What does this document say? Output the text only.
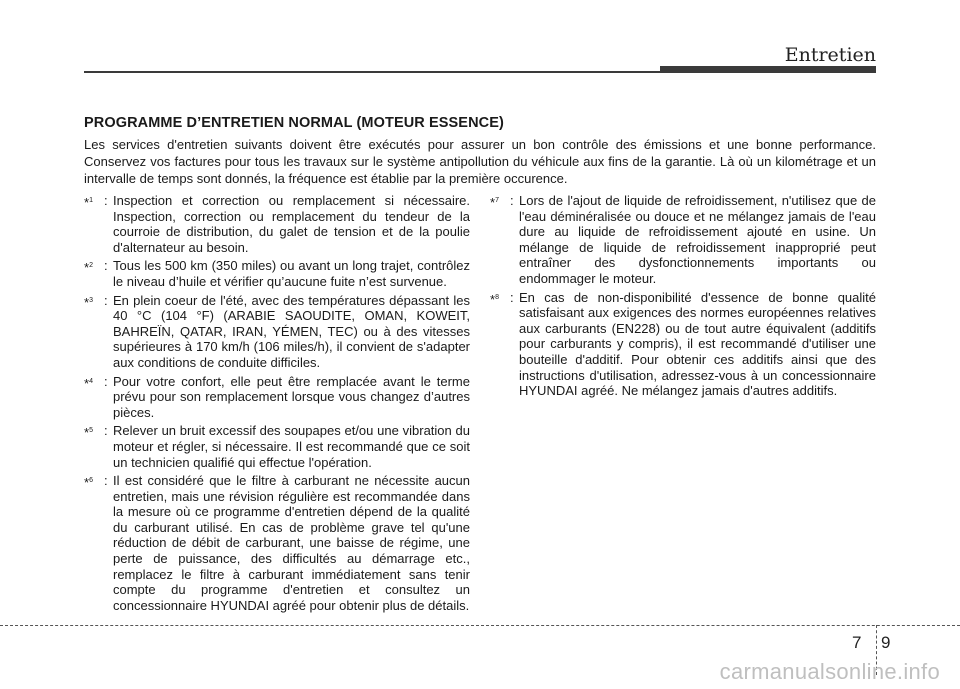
Entretien
PROGRAMME D’ENTRETIEN NORMAL (MOTEUR ESSENCE)
Les services d'entretien suivants doivent être exécutés pour assurer un bon contrôle des émissions et une bonne performance. Conservez vos factures pour tous les travaux sur le système antipollution du véhicule aux fins de la garantie. Là où un kilométrage et un intervalle de temps sont donnés, la fréquence est établie par la première occurence.
*$^1$ : Inspection et correction ou remplacement si nécessaire. Inspection, correction ou remplacement du tendeur de la courroie de distribution, du galet de tension et de la poulie d'alternateur au besoin.
*$^2$ : Tous les 500 km (350 miles) ou avant un long trajet, contrôlez le niveau d’huile et vérifier qu’aucune fuite n’est survenue.
*$^3$ : En plein coeur de l'été, avec des températures dépassant les 40 °C (104 °F) (ARABIE SAOUDITE, OMAN, KOWEIT, BAHREÏN, QATAR, IRAN, YÉMEN, TEC) ou à des vitesses supérieures à 170 km/h (106 miles/h), il convient de s'adapter aux conditions de conduite difficiles.
*$^4$ : Pour votre confort, elle peut être remplacée avant le terme prévu pour son remplacement lorsque vous changez d’autres pièces.
*$^5$ : Relever un bruit excessif des soupapes et/ou une vibration du moteur et régler, si nécessaire. Il est recommandé que ce soit un technicien qualifié qui effectue l'opération.
*$^6$ : Il est considéré que le filtre à carburant ne nécessite aucun entretien, mais une révision régulière est recommandée dans la mesure où ce programme d'entretien dépend de la qualité du carburant utilisé. En cas de problème grave tel qu'une réduction de débit de carburant, une baisse de régime, une perte de puissance, des difficultés au démarrage etc., remplacez le filtre à carburant immédiatement sans tenir compte du programme d'entretien et consultez un concessionnaire HYUNDAI agréé pour obtenir plus de détails.
*$^7$ : Lors de l'ajout de liquide de refroidissement, n'utilisez que de l'eau déminéralisée ou douce et ne mélangez jamais de l'eau dure au liquide de refroidissement ajouté en usine. Un mélange de liquide de refroidissement inapproprié peut entraîner des dysfonctionnements importants ou endommager le moteur.
*$^8$ : En cas de non-disponibilité d'essence de bonne qualité satisfaisant aux exigences des normes européennes relatives aux carburants (EN228) ou de tout autre équivalent (additifs pour carburants y compris), il est recommandé d'utiliser une bouteille d'additif. Pour obtenir ces additifs ainsi que des instructions d'utilisation, adressez-vous à un concessionnaire HYUNDAI agréé. Ne mélangez jamais d'autres additifs.
7 9
carmanualsonline.info
